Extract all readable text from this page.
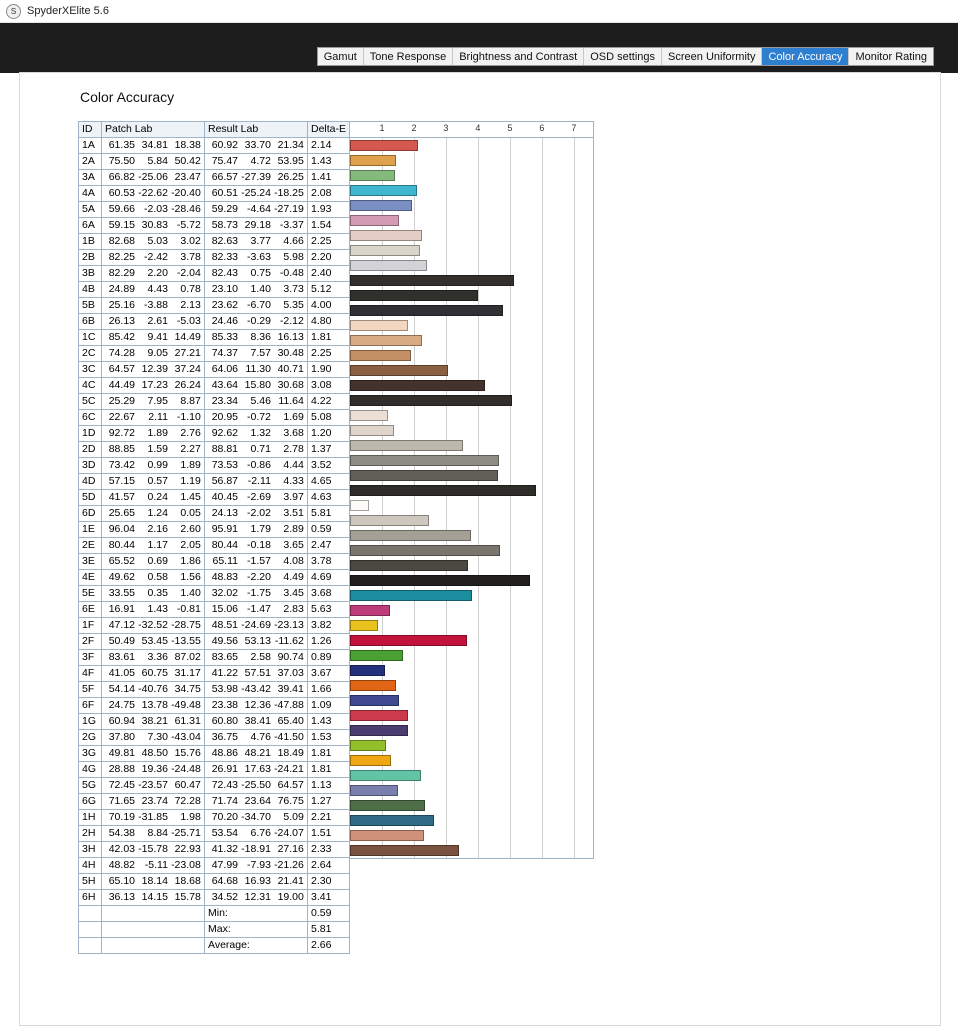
S SpyderXElite 5.6
Gamut	Tone Response	Brightness and Contrast	OSD settings	Screen Uniformity	Color Accuracy	Monitor Rating
Color Accuracy
ID	Patch Lab	Result Lab	Delta-E
1A	61.35 34.81 18.38	60.92 33.70 21.34	2.14
2A	75.50 5.84 50.42	75.47 4.72 53.95	1.43
3A	66.82 -25.06 23.47	66.57 -27.39 26.25	1.41
4A	60.53 -22.62 -20.40	60.51 -25.24 -18.25	2.08
5A	59.66 -2.03 -28.46	59.29 -4.64 -27.19	1.93
6A	59.15 30.83 -5.72	58.73 29.18 -3.37	1.54
1B	82.68 5.03 3.02	82.63 3.77 4.66	2.25
2B	82.25 -2.42 3.78	82.33 -3.63 5.98	2.20
3B	82.29 2.20 -2.04	82.43 0.75 -0.48	2.40
4B	24.89 4.43 0.78	23.10 1.40 3.73	5.12
5B	25.16 -3.88 2.13	23.62 -6.70 5.35	4.00
6B	26.13 2.61 -5.03	24.46 -0.29 -2.12	4.80
1C	85.42 9.41 14.49	85.33 8.36 16.13	1.81
2C	74.28 9.05 27.21	74.37 7.57 30.48	2.25
3C	64.57 12.39 37.24	64.06 11.30 40.71	1.90
4C	44.49 17.23 26.24	43.64 15.80 30.68	3.08
5C	25.29 7.95 8.87	23.34 5.46 11.64	4.22
6C	22.67 2.11 -1.10	20.95 -0.72 1.69	5.08
1D	92.72 1.89 2.76	92.62 1.32 3.68	1.20
2D	88.85 1.59 2.27	88.81 0.71 2.78	1.37
3D	73.42 0.99 1.89	73.53 -0.86 4.44	3.52
4D	57.15 0.57 1.19	56.87 -2.11 4.33	4.65
5D	41.57 0.24 1.45	40.45 -2.69 3.97	4.63
6D	25.65 1.24 0.05	24.13 -2.02 3.51	5.81
1E	96.04 2.16 2.60	95.91 1.79 2.89	0.59
2E	80.44 1.17 2.05	80.44 -0.18 3.65	2.47
3E	65.52 0.69 1.86	65.11 -1.57 4.08	3.78
4E	49.62 0.58 1.56	48.83 -2.20 4.49	4.69
5E	33.55 0.35 1.40	32.02 -1.75 3.45	3.68
6E	16.91 1.43 -0.81	15.06 -1.47 2.83	5.63
1F	47.12 -32.52 -28.75	48.51 -24.69 -23.13	3.82
2F	50.49 53.45 -13.55	49.56 53.13 -11.62	1.26
3F	83.61 3.36 87.02	83.65 2.58 90.74	0.89
4F	41.05 60.75 31.17	41.22 57.51 37.03	3.67
5F	54.14 -40.76 34.75	53.98 -43.42 39.41	1.66
6F	24.75 13.78 -49.48	23.38 12.36 -47.88	1.09
1G	60.94 38.21 61.31	60.80 38.41 65.40	1.43
2G	37.80 7.30 -43.04	36.75 4.76 -41.50	1.53
3G	49.81 48.50 15.76	48.86 48.21 18.49	1.81
4G	28.88 19.36 -24.48	26.91 17.63 -24.21	1.81
5G	72.45 -23.57 60.47	72.43 -25.50 64.57	1.13
6G	71.65 23.74 72.28	71.74 23.64 76.75	1.27
1H	70.19 -31.85 1.98	70.20 -34.70 5.09	2.21
2H	54.38 8.84 -25.71	53.54 6.76 -24.07	1.51
3H	42.03 -15.78 22.93	41.32 -18.91 27.16	2.33
4H	48.82 -5.11 -23.08	47.99 -7.93 -21.26	2.64
5H	65.10 18.14 18.68	64.68 16.93 21.41	2.30
6H	36.13 14.15 15.78	34.52 12.31 19.00	3.41
		Min:	0.59
		Max:	5.81
		Average:	2.66
1	2	3	4	5	6	7
